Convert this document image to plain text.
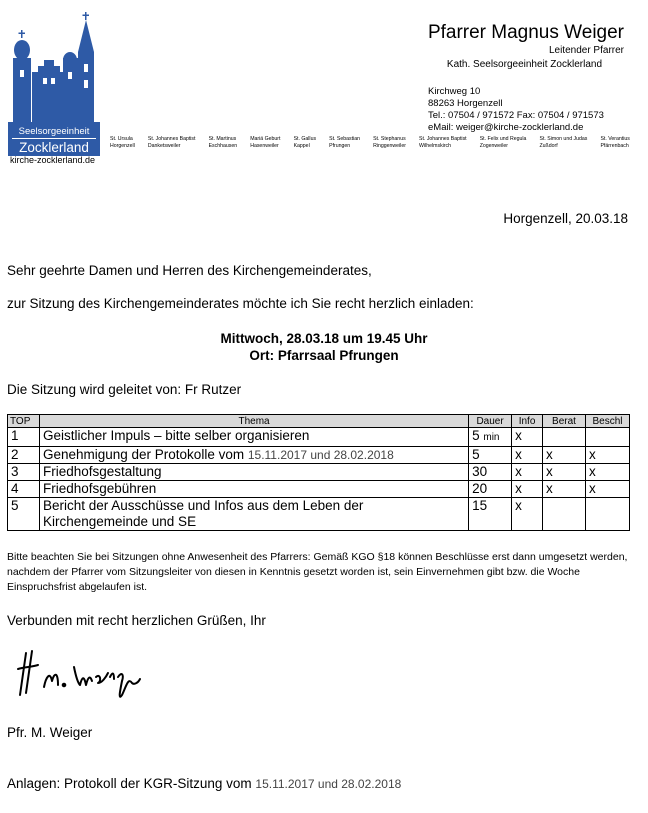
Seelsorgeeinheit
Zocklerland
kirche-zocklerland.de
Pfarrer Magnus Weiger
Leitender Pfarrer
Kath. Seelsorgeeinheit Zocklerland
Kirchweg 10
88263 Horgenzell
Tel.: 07504 / 971572 Fax: 07504 / 971573
eMail: weiger@kirche-zocklerland.de
St. Ursula
Horgenzell
St. Johannes Baptist
Danketsweiler
St. Martinus
Eschhausen
Mariä Geburt
Hasenweiler
St. Gallus
Kappel
St. Sebastian
Pfrungen
St. Stephanus
Ringgenweiler
St. Johannes Baptist
Wilhelmskirch
St. Felix und Regula
Zogenweiler
St. Simon und Judas
Zußdorf
St. Verantius
Pfärrenbach
Horgenzell, 20.03.18
Sehr geehrte Damen und Herren des Kirchengemeinderates,
zur Sitzung des Kirchengemeinderates möchte ich Sie recht herzlich einladen:
Mittwoch, 28.03.18 um 19.45 Uhr
Ort: Pfarrsaal Pfrungen
Die Sitzung wird geleitet von: Fr Rutzer
TOP	Thema	Dauer	Info	Berat	Beschl
1	Geistlicher Impuls – bitte selber organisieren	5 min	x		
2	Genehmigung der Protokolle vom 15.11.2017 und 28.02.2018	5	x	x	x
3	Friedhofsgestaltung	30	x	x	x
4	Friedhofsgebühren	20	x	x	x
5	Bericht der Ausschüsse und Infos aus dem Leben der Kirchengemeinde und SE	15	x		
Bitte beachten Sie bei Sitzungen ohne Anwesenheit des Pfarrers: Gemäß KGO §18 können Beschlüsse erst dann umgesetzt werden, nachdem der Pfarrer vom Sitzungsleiter von diesen in Kenntnis gesetzt worden ist, sein Einvernehmen gibt bzw. die Woche Einspruchsfrist abgelaufen ist.
Verbunden mit recht herzlichen Grüßen, Ihr
Pfr. M. Weiger
Anlagen: Protokoll der KGR-Sitzung vom 15.11.2017 und 28.02.2018
